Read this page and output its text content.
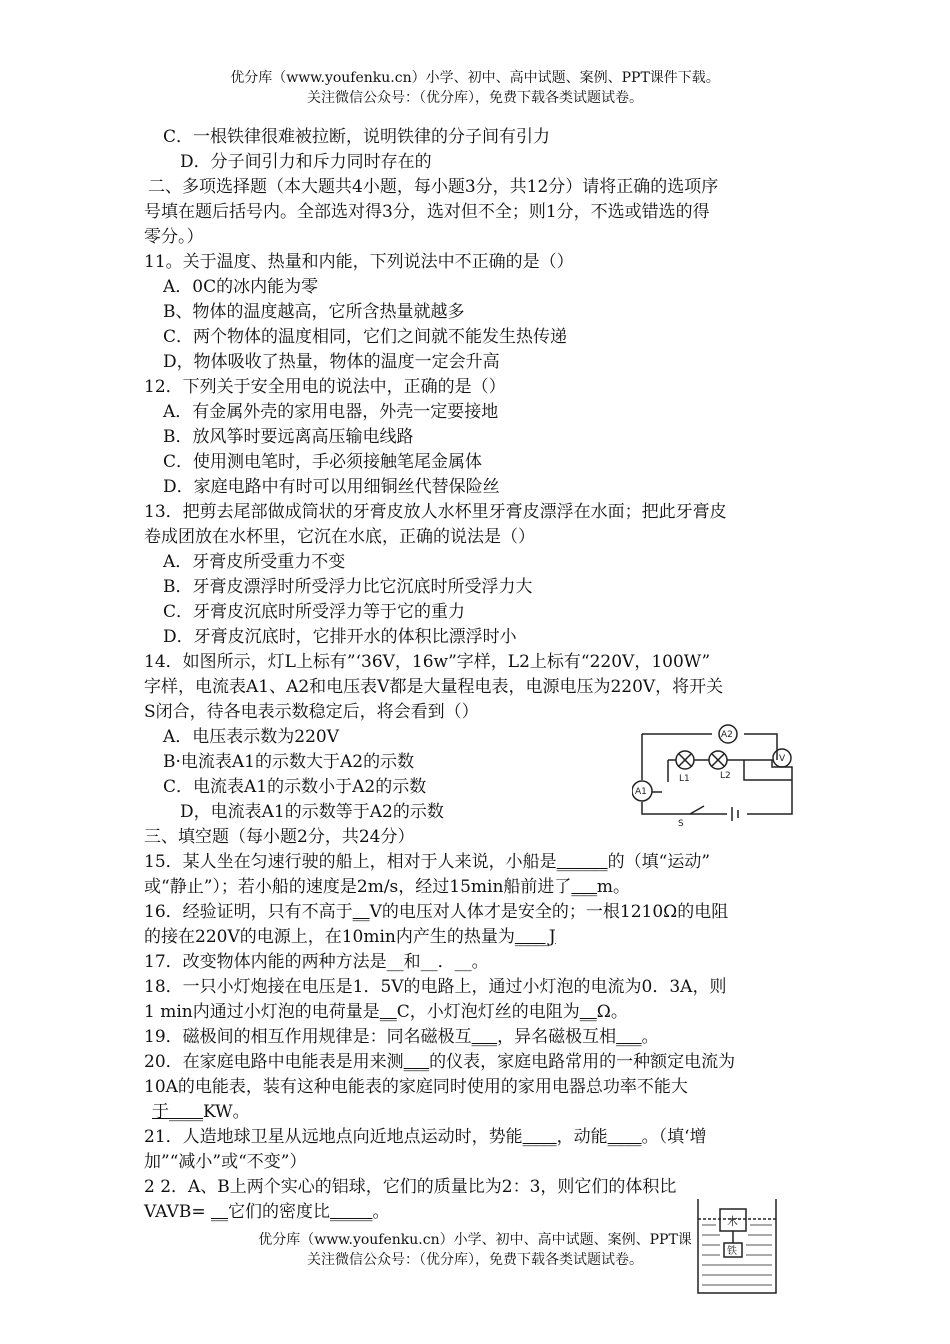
优分库（www.youfenku.cn）小学、初中、高中试题、案例、PPT课件下载。
关注微信公众号：（优分库），免费下载各类试题试卷。
C．一根铁律很难被拉断，说明铁律的分子间有引力
D．分子间引力和斥力同时存在的
二、多项选择题（本大题共4小题，每小题3分，共12分）请将正确的选项序
号填在题后括号内。全部选对得3分，选对但不全；则1分，不选或错选的得
零分。）
11。关于温度、热量和内能，下列说法中不正确的是（）
A．0C的冰内能为零
B、物体的温度越高，它所含热量就越多
C．两个物体的温度相同，它们之间就不能发生热传递
D，物体吸收了热量，物体的温度一定会升高
12．下列关于安全用电的说法中，正确的是（）
A．有金属外壳的家用电器，外壳一定要接地
B．放风筝时要远离高压输电线路
C．使用测电笔时，手必须接触笔尾金属体
D．家庭电路中有时可以用细铜丝代替保险丝
13．把剪去尾部做成筒状的牙膏皮放人水杯里牙膏皮漂浮在水面；把此牙膏皮
卷成团放在水杯里，它沉在水底，正确的说法是（）
A．牙膏皮所受重力不变
B．牙膏皮漂浮时所受浮力比它沉底时所受浮力大
C．牙膏皮沉底时所受浮力等于它的重力
D．牙膏皮沉底时，它排开水的体积比漂浮时小
14．如图所示，灯L上标有”‘36V，16w”字样，L2上标有“220V，100W”
字样，电流表A1、A2和电压表V都是大量程电表，电源电压为220V，将开关
S闭合，待各电表示数稳定后，将会看到（）
A．电压表示数为220V
B·电流表A1的示数大于A2的示数
C．电流表A1的示数小于A2的示数
D，电流表A1的示数等于A2的示数
三、填空题（每小题2分，共24分）
15．某人坐在匀速行驶的船上，相对于人来说，小船是______的（填“运动”
或“静止”）；若小船的速度是2m/s，经过15min船前进了___m。
16．经验证明，只有不高于__V的电压对人体才是安全的；一根1210Ω的电阻
的接在220V的电源上，在10min内产生的热量为____J
17．改变物体内能的两种方法是__和__．__。
18．一只小灯炮接在电压是1．5V的电路上，通过小灯泡的电流为0．3A，则
1 min内通过小灯泡的电荷量是__C，小灯泡灯丝的电阻为__Ω。
19．磁极间的相互作用规律是：同名磁极互___，异名磁极互相___。
20．在家庭电路中电能表是用来测___的仪表，家庭电路常用的一种额定电流为
10A的电能表，装有这种电能表的家庭同时使用的家用电器总功率不能大
于____KW。
21．人造地球卫星从远地点向近地点运动时，势能____，动能____。（填‘增
加”“减小”或“不变”）
2 2．A、B上两个实心的铝球，它们的质量比为2：3，则它们的体积比
VAVB= __它们的密度比_____。
优分库（www.youfenku.cn）小学、初中、高中试题、案例、PPT课
关注微信公众号：（优分库），免费下载各类试题试卷。
A2
A1
V
L1	L2
S
木
铁
